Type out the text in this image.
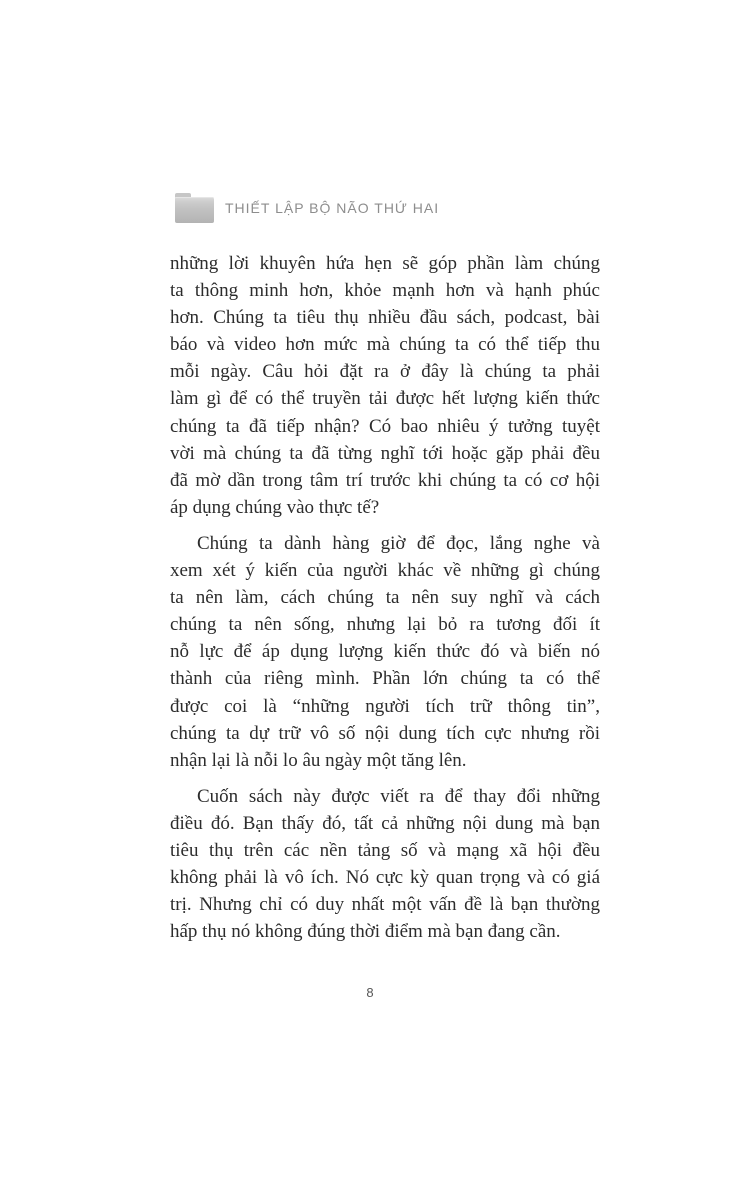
THIẾT LẬP BỘ NÃO THỨ HAI
những lời khuyên hứa hẹn sẽ góp phần làm chúng
ta thông minh hơn, khỏe mạnh hơn và hạnh phúc
hơn. Chúng ta tiêu thụ nhiều đầu sách, podcast, bài
báo và video hơn mức mà chúng ta có thể tiếp thu
mỗi ngày. Câu hỏi đặt ra ở đây là chúng ta phải
làm gì để có thể truyền tải được hết lượng kiến thức
chúng ta đã tiếp nhận? Có bao nhiêu ý tưởng tuyệt
vời mà chúng ta đã từng nghĩ tới hoặc gặp phải đều
đã mờ dần trong tâm trí trước khi chúng ta có cơ hội
áp dụng chúng vào thực tế?
Chúng ta dành hàng giờ để đọc, lắng nghe và
xem xét ý kiến của người khác về những gì chúng
ta nên làm, cách chúng ta nên suy nghĩ và cách
chúng ta nên sống, nhưng lại bỏ ra tương đối ít
nỗ lực để áp dụng lượng kiến thức đó và biến nó
thành của riêng mình. Phần lớn chúng ta có thể
được coi là “những người tích trữ thông tin”,
chúng ta dự trữ vô số nội dung tích cực nhưng rồi
nhận lại là nỗi lo âu ngày một tăng lên.
Cuốn sách này được viết ra để thay đổi những
điều đó. Bạn thấy đó, tất cả những nội dung mà bạn
tiêu thụ trên các nền tảng số và mạng xã hội đều
không phải là vô ích. Nó cực kỳ quan trọng và có giá
trị. Nhưng chỉ có duy nhất một vấn đề là bạn thường
hấp thụ nó không đúng thời điểm mà bạn đang cần.
8
